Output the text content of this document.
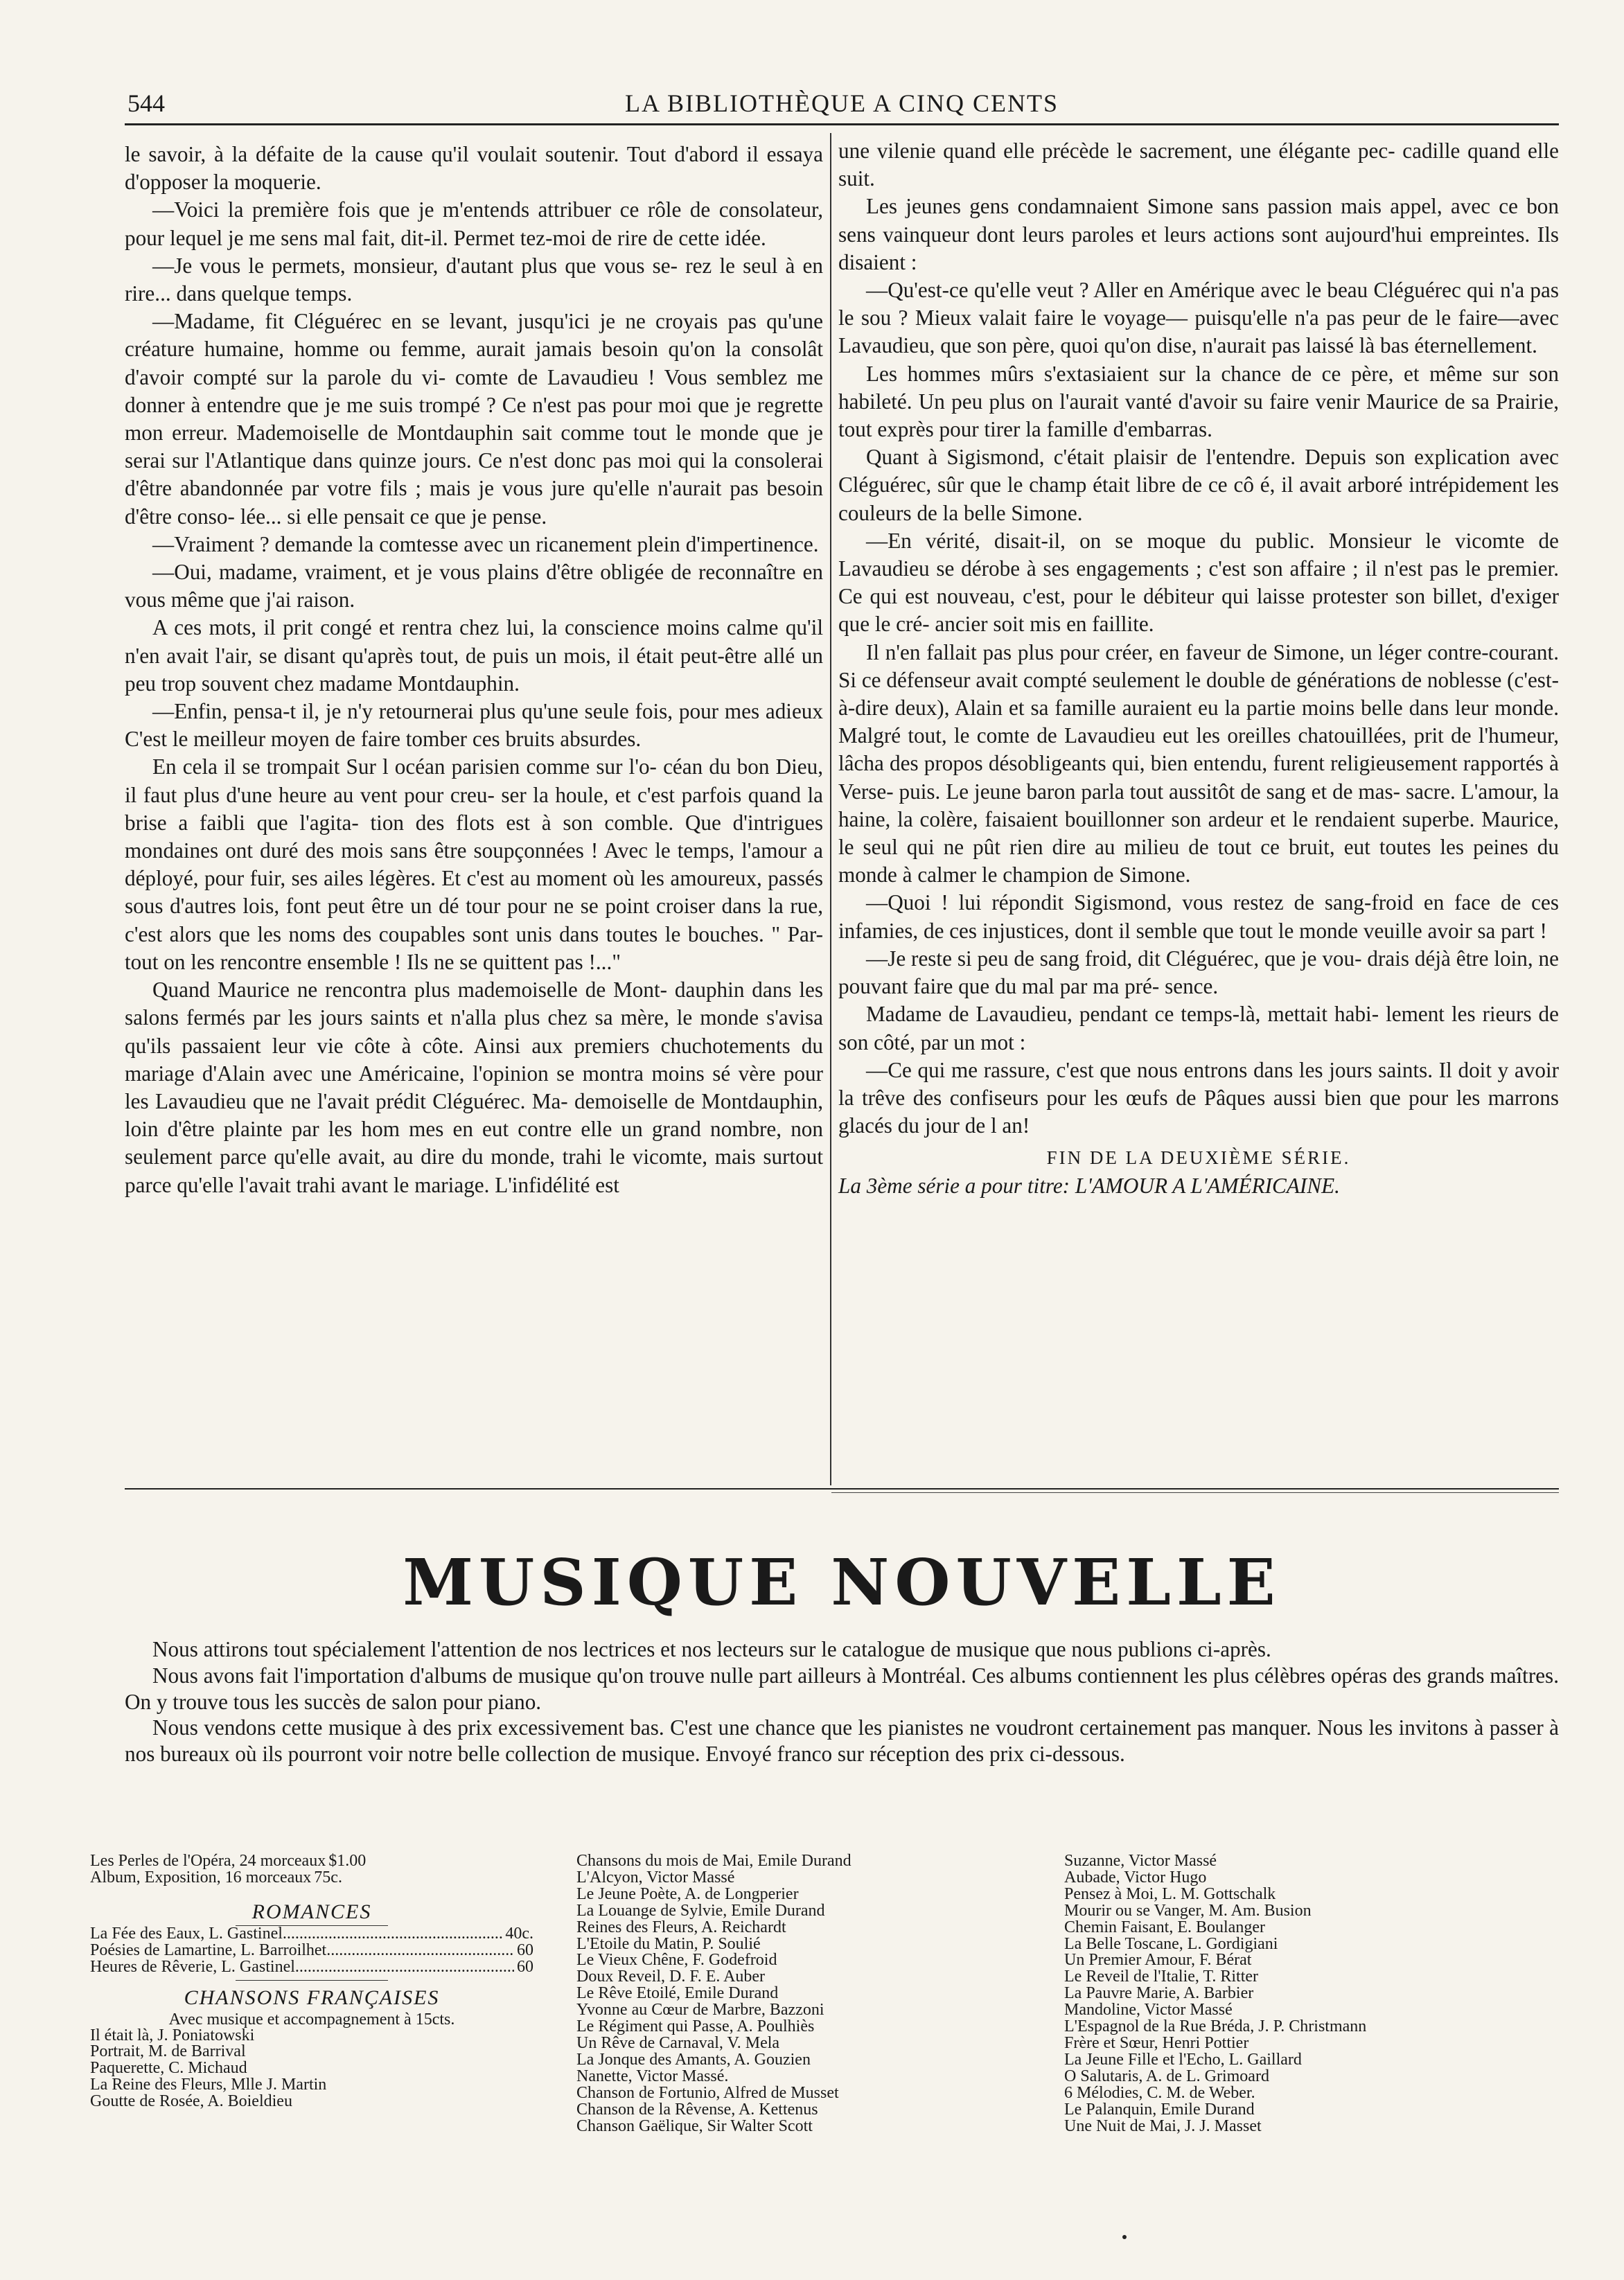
544	LA BIBLIOTHÈQUE A CINQ CENTS

le savoir, à la défaite de la cause qu'il voulait soutenir. Tout d'abord il essaya d'opposer la moquerie.

—Voici la première fois que je m'entends attribuer ce rôle de consolateur, pour lequel je me sens mal fait, dit-il. Permet tez-moi de rire de cette idée.

—Je vous le permets, monsieur, d'autant plus que vous se- rez le seul à en rire... dans quelque temps.

—Madame, fit Cléguérec en se levant, jusqu'ici je ne croyais pas qu'une créature humaine, homme ou femme, aurait jamais besoin qu'on la consolât d'avoir compté sur la parole du vi- comte de Lavaudieu ! Vous semblez me donner à entendre que je me suis trompé ? Ce n'est pas pour moi que je regrette mon erreur. Mademoiselle de Montdauphin sait comme tout le monde que je serai sur l'Atlantique dans quinze jours. Ce n'est donc pas moi qui la consolerai d'être abandonnée par votre fils ; mais je vous jure qu'elle n'aurait pas besoin d'être conso- lée... si elle pensait ce que je pense.

—Vraiment ? demande la comtesse avec un ricanement plein d'impertinence.

—Oui, madame, vraiment, et je vous plains d'être obligée de reconnaître en vous même que j'ai raison.

A ces mots, il prit congé et rentra chez lui, la conscience moins calme qu'il n'en avait l'air, se disant qu'après tout, de puis un mois, il était peut-être allé un peu trop souvent chez madame Montdauphin.

—Enfin, pensa-t il, je n'y retournerai plus qu'une seule fois, pour mes adieux C'est le meilleur moyen de faire tomber ces bruits absurdes.

En cela il se trompait Sur l océan parisien comme sur l'o- céan du bon Dieu, il faut plus d'une heure au vent pour creu- ser la houle, et c'est parfois quand la brise a faibli que l'agita- tion des flots est à son comble. Que d'intrigues mondaines ont duré des mois sans être soupçonnées ! Avec le temps, l'amour a déployé, pour fuir, ses ailes légères. Et c'est au moment où les amoureux, passés sous d'autres lois, font peut être un dé tour pour ne se point croiser dans la rue, c'est alors que les noms des coupables sont unis dans toutes le bouches. " Par- tout on les rencontre ensemble ! Ils ne se quittent pas !..."

Quand Maurice ne rencontra plus mademoiselle de Mont- dauphin dans les salons fermés par les jours saints et n'alla plus chez sa mère, le monde s'avisa qu'ils passaient leur vie côte à côte. Ainsi aux premiers chuchotements du mariage d'Alain avec une Américaine, l'opinion se montra moins sé vère pour les Lavaudieu que ne l'avait prédit Cléguérec. Ma- demoiselle de Montdauphin, loin d'être plainte par les hom mes en eut contre elle un grand nombre, non seulement parce qu'elle avait, au dire du monde, trahi le vicomte, mais surtout parce qu'elle l'avait trahi avant le mariage. L'infidélité est

une vilenie quand elle précède le sacrement, une élégante pec- cadille quand elle suit.

Les jeunes gens condamnaient Simone sans passion mais appel, avec ce bon sens vainqueur dont leurs paroles et leurs actions sont aujourd'hui empreintes. Ils disaient :

—Qu'est-ce qu'elle veut ? Aller en Amérique avec le beau Cléguérec qui n'a pas le sou ? Mieux valait faire le voyage— puisqu'elle n'a pas peur de le faire—avec Lavaudieu, que son père, quoi qu'on dise, n'aurait pas laissé là bas éternellement.

Les hommes mûrs s'extasiaient sur la chance de ce père, et même sur son habileté. Un peu plus on l'aurait vanté d'avoir su faire venir Maurice de sa Prairie, tout exprès pour tirer la famille d'embarras.

Quant à Sigismond, c'était plaisir de l'entendre. Depuis son explication avec Cléguérec, sûr que le champ était libre de ce cô é, il avait arboré intrépidement les couleurs de la belle Simone.

—En vérité, disait-il, on se moque du public. Monsieur le vicomte de Lavaudieu se dérobe à ses engagements ; c'est son affaire ; il n'est pas le premier. Ce qui est nouveau, c'est, pour le débiteur qui laisse protester son billet, d'exiger que le cré- ancier soit mis en faillite.

Il n'en fallait pas plus pour créer, en faveur de Simone, un léger contre-courant. Si ce défenseur avait compté seulement le double de générations de noblesse (c'est-à-dire deux), Alain et sa famille auraient eu la partie moins belle dans leur monde. Malgré tout, le comte de Lavaudieu eut les oreilles chatouillées, prit de l'humeur, lâcha des propos désobligeants qui, bien entendu, furent religieusement rapportés à Verse- puis. Le jeune baron parla tout aussitôt de sang et de mas- sacre. L'amour, la haine, la colère, faisaient bouillonner son ardeur et le rendaient superbe. Maurice, le seul qui ne pût rien dire au milieu de tout ce bruit, eut toutes les peines du monde à calmer le champion de Simone.

—Quoi ! lui répondit Sigismond, vous restez de sang-froid en face de ces infamies, de ces injustices, dont il semble que tout le monde veuille avoir sa part !

—Je reste si peu de sang froid, dit Cléguérec, que je vou- drais déjà être loin, ne pouvant faire que du mal par ma pré- sence.

Madame de Lavaudieu, pendant ce temps-là, mettait habi- lement les rieurs de son côté, par un mot :

—Ce qui me rassure, c'est que nous entrons dans les jours saints. Il doit y avoir la trêve des confiseurs pour les œufs de Pâques aussi bien que pour les marrons glacés du jour de l an!

FIN DE LA DEUXIÈME SÉRIE.

La 3ème série a pour titre: L'AMOUR A L'AMÉRICAINE.

MUSIQUE NOUVELLE

Nous attirons tout spécialement l'attention de nos lectrices et nos lecteurs sur le catalogue de musique que nous publions ci-après.

Nous avons fait l'importation d'albums de musique qu'on trouve nulle part ailleurs à Montréal. Ces albums contiennent les plus célèbres opéras des grands maîtres. On y trouve tous les succès de salon pour piano.

Nous vendons cette musique à des prix excessivement bas. C'est une chance que les pianistes ne voudront certainement pas manquer. Nous les invitons à passer à nos bureaux où ils pourront voir notre belle collection de musique. Envoyé franco sur réception des prix ci-dessous.

Les Perles de l'Opéra, 24 morceaux $1.00
Album, Exposition, 16 morceaux 75c.
ROMANCES
La Fée des Eaux, L. Gastinel .....	40c.
Poésies de Lamartine, L. Barroilhet .....	60
Heures de Rêverie, L. Gastinel .....	60
CHANSONS FRANÇAISES
Avec musique et accompagnement à 15cts.
Il était là, J. Poniatowski
Portrait, M. de Barrival
Paquerette, C. Michaud
La Reine des Fleurs, Mlle J. Martin
Goutte de Rosée, A. Boieldieu
Chansons du mois de Mai, Emile Durand
L'Alcyon, Victor Massé
Le Jeune Poète, A. de Longperier
La Louange de Sylvie, Emile Durand
Reines des Fleurs, A. Reichardt
L'Etoile du Matin, P. Soulié
Le Vieux Chêne, F. Godefroid
Doux Reveil, D. F. E. Auber
Le Rêve Etoilé, Emile Durand
Yvonne au Cœur de Marbre, Bazzoni
Le Régiment qui Passe, A. Poulhiès
Un Rêve de Carnaval, V. Mela
La Jonque des Amants, A. Gouzien
Nanette, Victor Massé.
Chanson de Fortunio, Alfred de Musset
Chanson de la Rêvense, A. Kettenus
Chanson Gaëlique, Sir Walter Scott
Suzanne, Victor Massé
Aubade, Victor Hugo
Pensez à Moi, L. M. Gottschalk
Mourir ou se Vanger, M. Am. Busion
Chemin Faisant, E. Boulanger
La Belle Toscane, L. Gordigiani
Un Premier Amour, F. Bérat
Le Reveil de l'Italie, T. Ritter
La Pauvre Marie, A. Barbier
Mandoline, Victor Massé
L'Espagnol de la Rue Bréda, J. P. Christmann
Frère et Sœur, Henri Pottier
La Jeune Fille et l'Echo, L. Gaillard
O Salutaris, A. de L. Grimoard
6 Mélodies, C. M. de Weber.
Le Palanquin, Emile Durand
Une Nuit de Mai, J. J. Masset
